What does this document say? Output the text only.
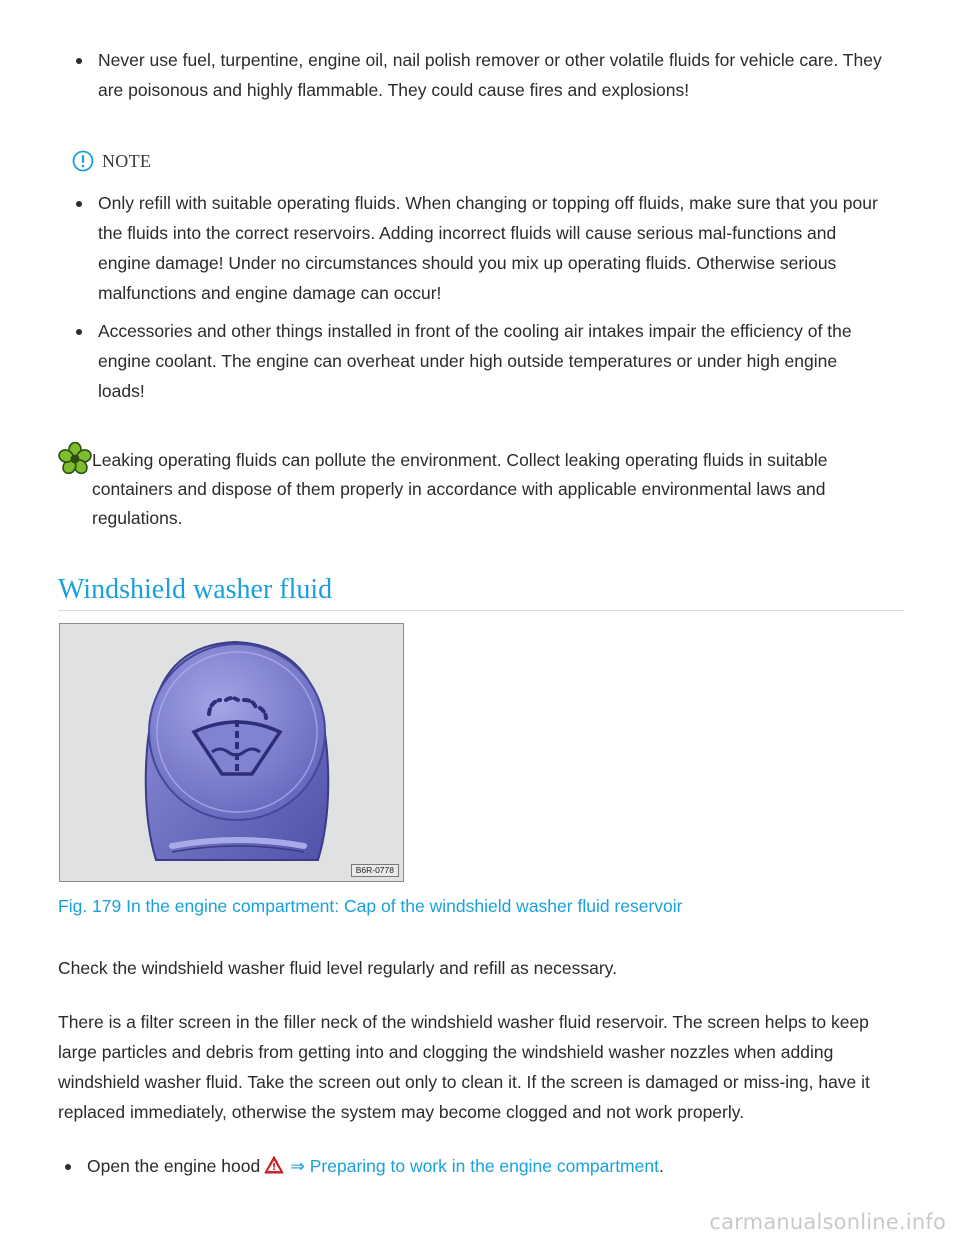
Never use fuel, turpentine, engine oil, nail polish remover or other volatile fluids for vehicle care. They are poisonous and highly flammable. They could cause fires and explosions!
NOTE
Only refill with suitable operating fluids. When changing or topping off fluids, make sure that you pour the fluids into the correct reservoirs. Adding incorrect fluids will cause serious mal-functions and engine damage! Under no circumstances should you mix up operating fluids. Otherwise serious malfunctions and engine damage can occur!
Accessories and other things installed in front of the cooling air intakes impair the efficiency of the engine coolant. The engine can overheat under high outside temperatures or under high engine loads!
Leaking operating fluids can pollute the environment. Collect leaking operating fluids in suitable containers and dispose of them properly in accordance with applicable environmental laws and regulations.
Windshield washer fluid
B6R-0778
Fig. 179 In the engine compartment: Cap of the windshield washer fluid reservoir
Check the windshield washer fluid level regularly and refill as necessary.
There is a filter screen in the filler neck of the windshield washer fluid reservoir. The screen helps to keep large particles and debris from getting into and clogging the windshield washer nozzles when adding windshield washer fluid. Take the screen out only to clean it. If the screen is damaged or miss-ing, have it replaced immediately, otherwise the system may become clogged and not work properly.
Open the engine hood ⇒ Preparing to work in the engine compartment.
carmanualsonline.info
